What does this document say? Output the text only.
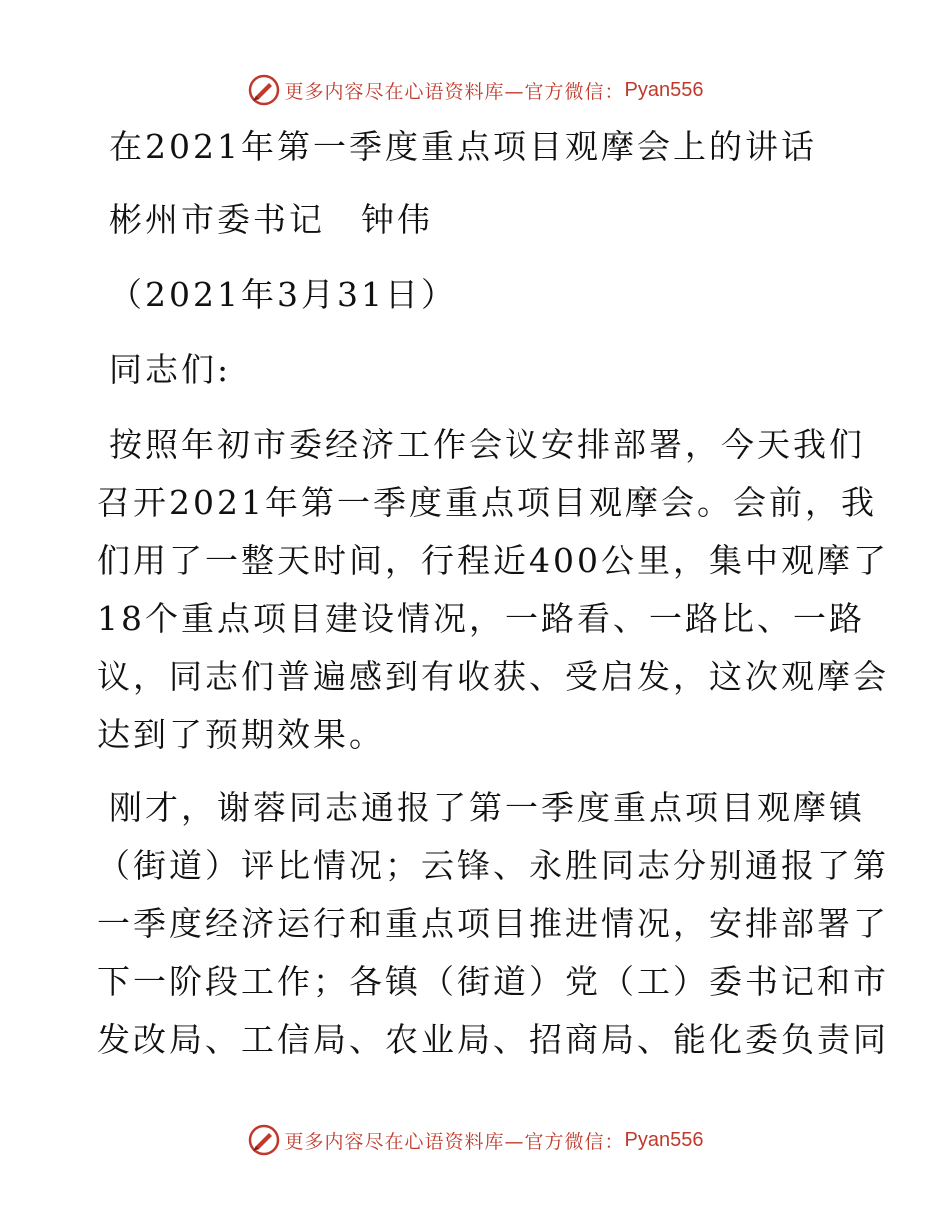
更多内容尽在心语资料库—官方微信： Pyan556
在2021年第一季度重点项目观摩会上的讲话
彬州市委书记　钟伟
（2021年3月31日）
同志们:
按照年初市委经济工作会议安排部署，今天我们
召开2021年第一季度重点项目观摩会。会前，我
们用了一整天时间，行程近400公里，集中观摩了
18个重点项目建设情况，一路看、一路比、一路
议，同志们普遍感到有收获、受启发，这次观摩会
达到了预期效果。
刚才，谢蓉同志通报了第一季度重点项目观摩镇
（街道）评比情况；云锋、永胜同志分别通报了第
一季度经济运行和重点项目推进情况，安排部署了
下一阶段工作；各镇（街道）党（工）委书记和市
发改局、工信局、农业局、招商局、能化委负责同
更多内容尽在心语资料库—官方微信： Pyan556
